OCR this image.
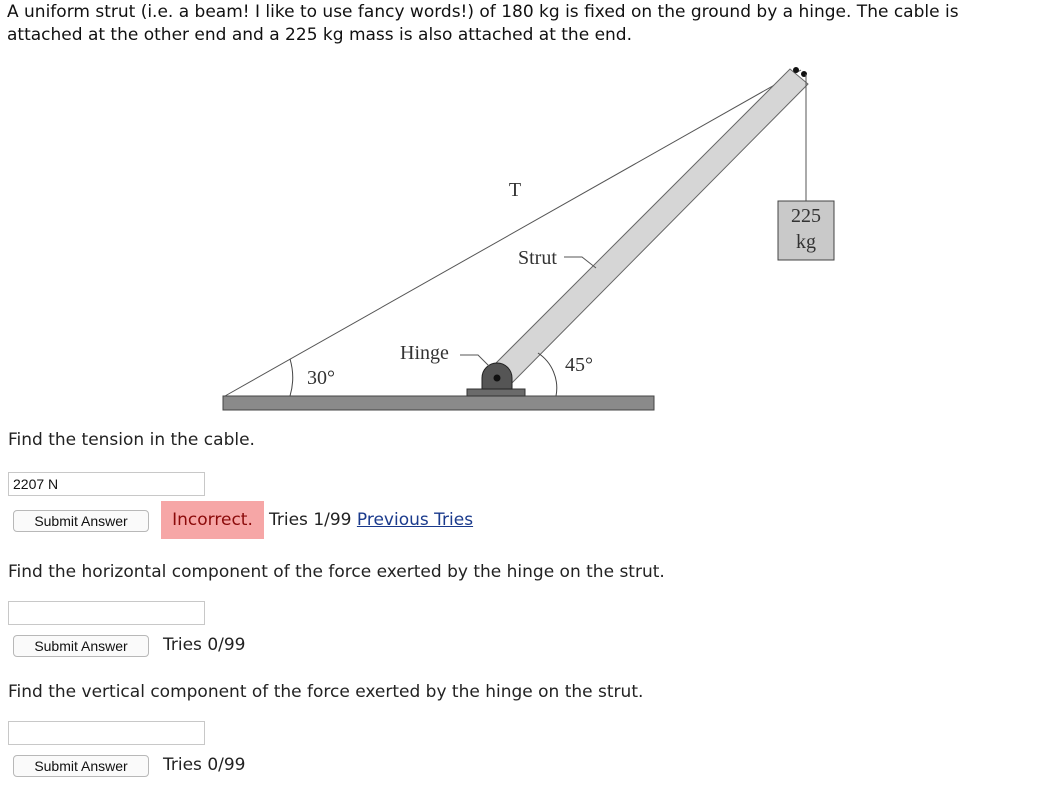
A uniform strut (i.e. a beam! I like to use fancy words!) of 180 kg is fixed on the ground by a hinge. The cable is attached at the other end and a 225 kg mass is also attached at the end.
225
kg
T
Strut
Hinge
30°
45°
Find the tension in the cable.
2207 N
Submit Answer	Incorrect. Tries 1/99 Previous Tries
Find the horizontal component of the force exerted by the hinge on the strut.
Submit Answer	Tries 0/99
Find the vertical component of the force exerted by the hinge on the strut.
Submit Answer	Tries 0/99
